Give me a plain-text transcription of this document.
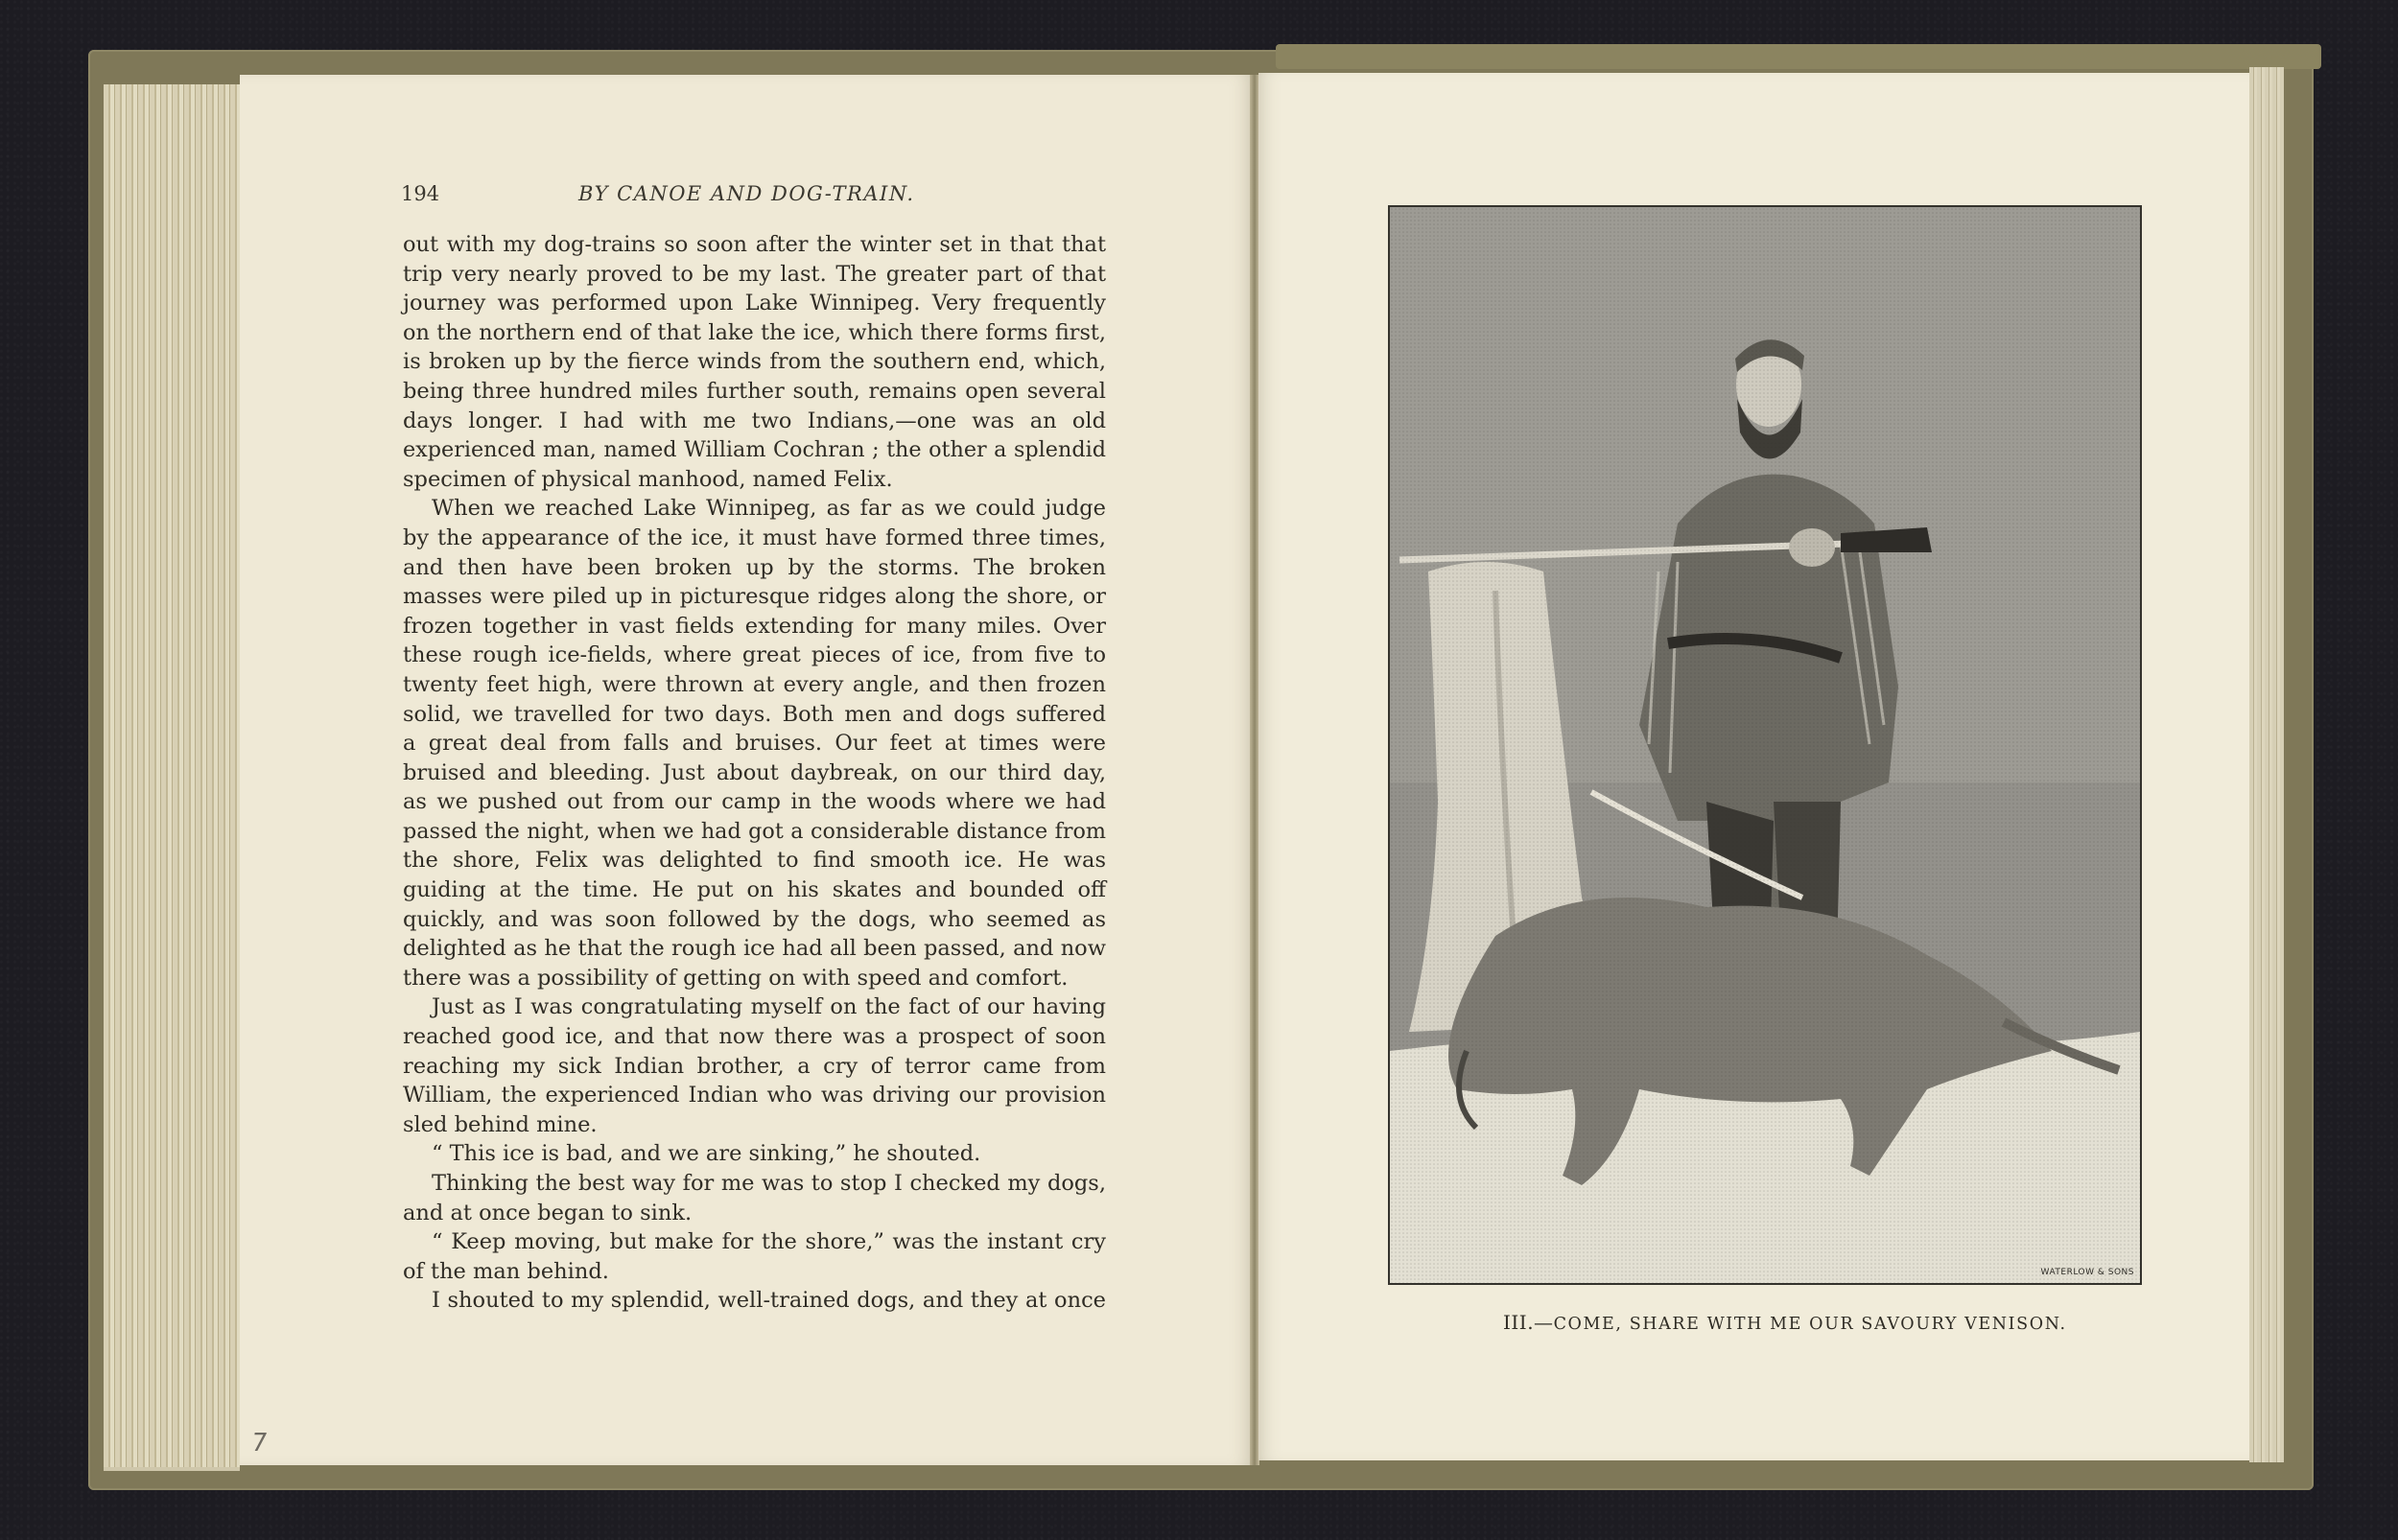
194	BY CANOE AND DOG-TRAIN.
out with my dog-trains so soon after the winter set in that that
trip very nearly proved to be my last. The greater part of that
journey was performed upon Lake Winnipeg. Very frequently
on the northern end of that lake the ice, which there forms first,
is broken up by the fierce winds from the southern end, which,
being three hundred miles further south, remains open several
days longer. I had with me two Indians,—one was an old
experienced man, named William Cochran ; the other a splendid
specimen of physical manhood, named Felix.
When we reached Lake Winnipeg, as far as we could judge
by the appearance of the ice, it must have formed three times,
and then have been broken up by the storms. The broken
masses were piled up in picturesque ridges along the shore, or
frozen together in vast fields extending for many miles. Over
these rough ice-fields, where great pieces of ice, from five to
twenty feet high, were thrown at every angle, and then frozen
solid, we travelled for two days. Both men and dogs suffered
a great deal from falls and bruises. Our feet at times were
bruised and bleeding. Just about daybreak, on our third day,
as we pushed out from our camp in the woods where we had
passed the night, when we had got a considerable distance from
the shore, Felix was delighted to find smooth ice. He was
guiding at the time. He put on his skates and bounded off
quickly, and was soon followed by the dogs, who seemed as
delighted as he that the rough ice had all been passed, and now
there was a possibility of getting on with speed and comfort.
Just as I was congratulating myself on the fact of our having
reached good ice, and that now there was a prospect of soon
reaching my sick Indian brother, a cry of terror came from
William, the experienced Indian who was driving our provision
sled behind mine.
“ This ice is bad, and we are sinking,” he shouted.
Thinking the best way for me was to stop I checked my dogs,
and at once began to sink.
“ Keep moving, but make for the shore,” was the instant cry
of the man behind.
I shouted to my splendid, well-trained dogs, and they at once
7
WATERLOW & SONS
III.—COME, SHARE WITH ME OUR SAVOURY VENISON.
